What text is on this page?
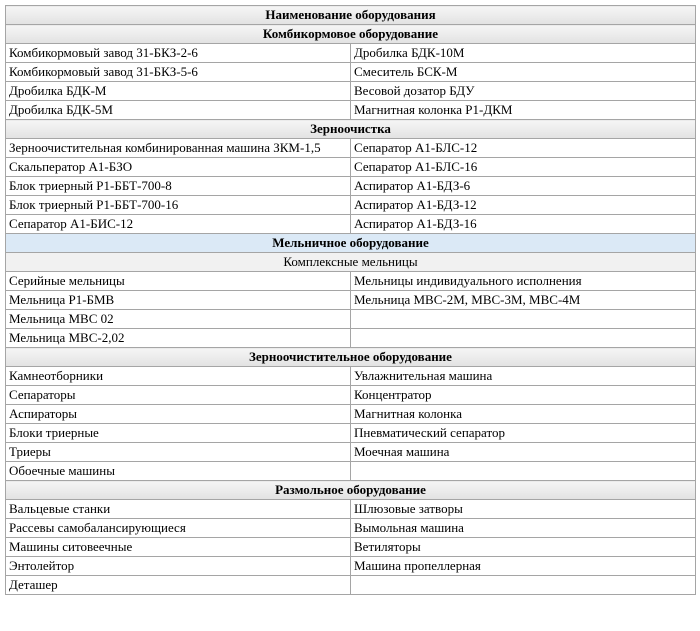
Наименование оборудования	
Комбикормовое оборудование	
Комбикормовый завод 31-БКЗ-2-6	Дробилка БДК-10М
Комбикормовый завод 31-БКЗ-5-6	Смеситель БСК-М
Дробилка БДК-М	Весовой дозатор БДУ
Дробилка БДК-5М	Магнитная колонка Р1-ДКМ
Зерноочистка	
Зерноочистительная комбинированная машина ЗКМ-1,5	Сепаратор А1-БЛС-12
Скальператор А1-БЗО	Сепаратор А1-БЛС-16
Блок триерный Р1-ББТ-700-8	Аспиратор А1-БДЗ-6
Блок триерный Р1-ББТ-700-16	Аспиратор А1-БДЗ-12
Сепаратор А1-БИС-12	Аспиратор А1-БДЗ-16
Мельничное оборудование	
Комплексные мельницы	
Серийные мельницы	Мельницы индивидуального исполнения
Мельница Р1-БМВ	Мельница МВС-2М, МВС-3М, МВС-4М
Мельница МВС 02	
Мельница МВС-2,02	
Зерноочистительное оборудование	
Камнеотборники	Увлажнительная машина
Сепараторы	Концентратор
Аспираторы	Магнитная колонка
Блоки триерные	Пневматический сепаратор
Триеры	Моечная машина
Обоечные машины	
Размольное оборудование	
Вальцевые станки	Шлюзовые затворы
Рассевы самобалансирующиеся	Вымольная машина
Машины ситовеечные	Ветиляторы
Энтолейтор	Машина пропеллерная
Деташер	
